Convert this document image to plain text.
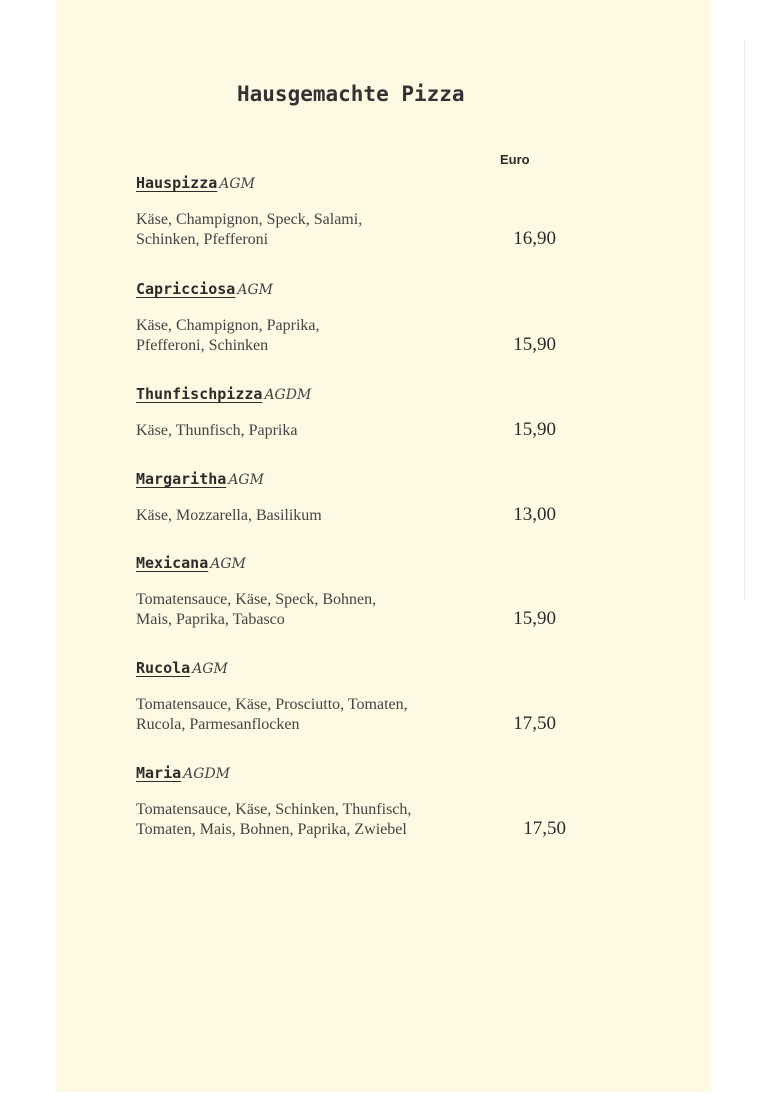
Hausgemachte Pizza
Euro
Hauspizza AGM
Käse, Champignon, Speck, Salami,
Schinken, Pfefferoni	16,90
Capricciosa AGM
Käse, Champignon, Paprika,
Pfefferoni, Schinken	15,90
Thunfischpizza AGDM
Käse, Thunfisch, Paprika	15,90
Margaritha AGM
Käse, Mozzarella, Basilikum	13,00
Mexicana AGM
Tomatensauce, Käse, Speck, Bohnen,
Mais, Paprika, Tabasco	15,90
Rucola AGM
Tomatensauce, Käse, Prosciutto, Tomaten,
Rucola, Parmesanflocken	17,50
Maria AGDM
Tomatensauce, Käse, Schinken, Thunfisch,
Tomaten, Mais, Bohnen, Paprika, Zwiebel	17,50
